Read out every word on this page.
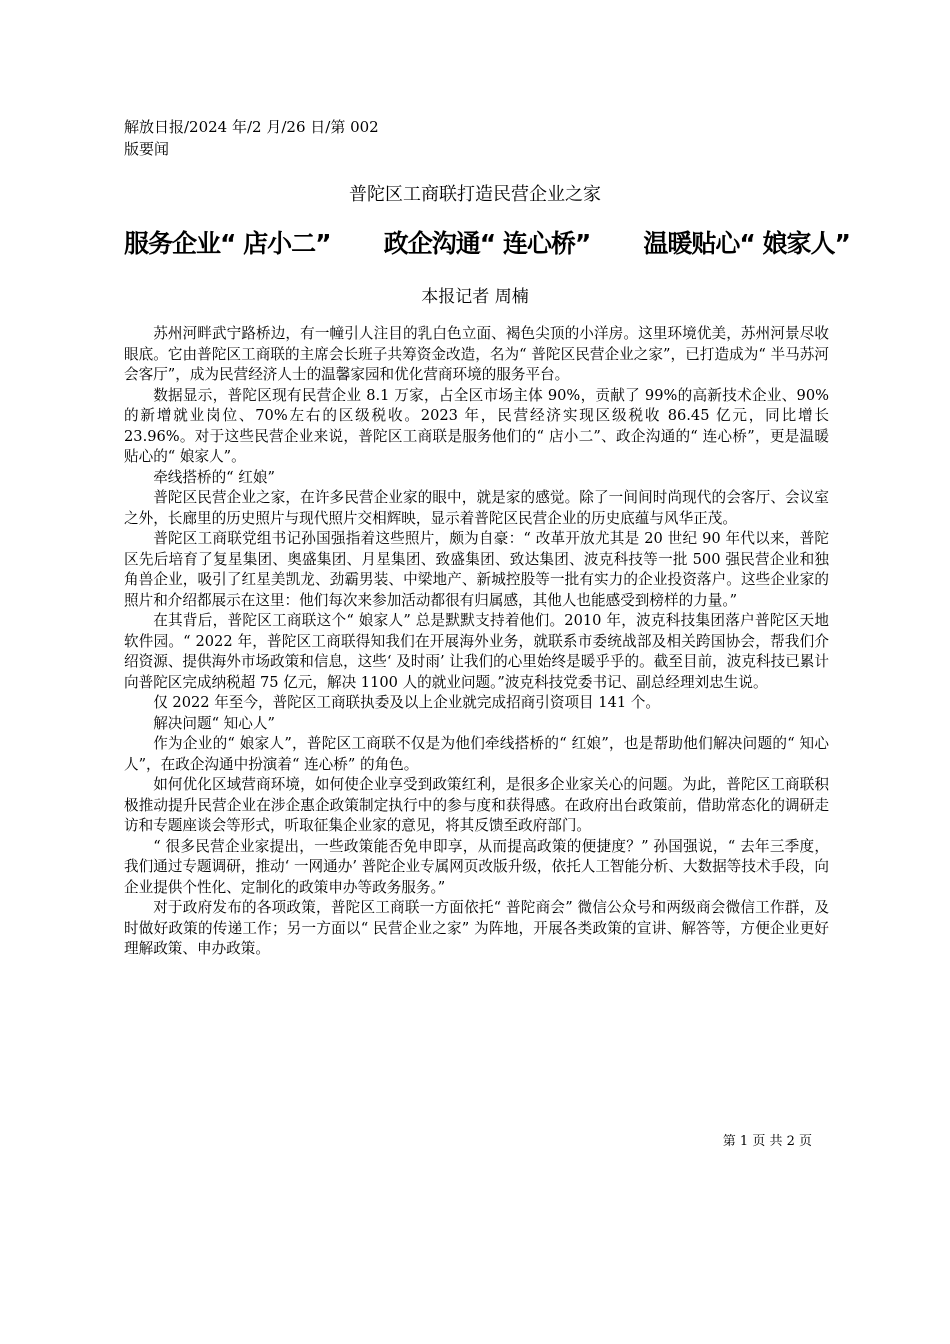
解放日报/2024 年/2 月/26 日/第 002
版要闻
普陀区工商联打造民营企业之家
服务企业“ 店小二” 政企沟通“ 连心桥” 温暖贴心“ 娘家人”
本报记者 周楠

苏州河畔武宁路桥边，有一幢引人注目的乳白色立面、褐色尖顶的小洋房。这里环境优美，苏州河景尽收眼底。它由普陀区工商联的主席会长班子共筹资金改造，名为“ 普陀区民营企业之家”，已打造成为“ 半马苏河会客厅”，成为民营经济人士的温馨家园和优化营商环境的服务平台。

数据显示，普陀区现有民营企业 8.1 万家，占全区市场主体 90%，贡献了 99%的高新技术企业、90%的新增就业岗位、70%左右的区级税收。2023 年，民营经济实现区级税收 86.45 亿元，同比增长 23.96%。对于这些民营企业来说，普陀区工商联是服务他们的“ 店小二”、政企沟通的“ 连心桥”，更是温暖贴心的“ 娘家人”。

牵线搭桥的“ 红娘”

普陀区民营企业之家，在许多民营企业家的眼中，就是家的感觉。除了一间间时尚现代的会客厅、会议室之外，长廊里的历史照片与现代照片交相辉映，显示着普陀区民营企业的历史底蕴与风华正茂。

普陀区工商联党组书记孙国强指着这些照片，颇为自豪：“ 改革开放尤其是 20 世纪 90 年代以来，普陀区先后培育了复星集团、奥盛集团、月星集团、致盛集团、致达集团、波克科技等一批 500 强民营企业和独角兽企业，吸引了红星美凯龙、劲霸男装、中梁地产、新城控股等一批有实力的企业投资落户。这些企业家的照片和介绍都展示在这里：他们每次来参加活动都很有归属感，其他人也能感受到榜样的力量。”

在其背后，普陀区工商联这个“ 娘家人” 总是默默支持着他们。2010 年，波克科技集团落户普陀区天地软件园。“ 2022 年，普陀区工商联得知我们在开展海外业务，就联系市委统战部及相关跨国协会，帮我们介绍资源、提供海外市场政策和信息，这些‘ 及时雨’ 让我们的心里始终是暖乎乎的。截至目前，波克科技已累计向普陀区完成纳税超 75 亿元，解决 1100 人的就业问题。”波克科技党委书记、副总经理刘忠生说。

仅 2022 年至今，普陀区工商联执委及以上企业就完成招商引资项目 141 个。

解决问题“ 知心人”

作为企业的“ 娘家人”，普陀区工商联不仅是为他们牵线搭桥的“ 红娘”，也是帮助他们解决问题的“ 知心人”，在政企沟通中扮演着“ 连心桥” 的角色。

如何优化区域营商环境，如何使企业享受到政策红利，是很多企业家关心的问题。为此，普陀区工商联积极推动提升民营企业在涉企惠企政策制定执行中的参与度和获得感。在政府出台政策前，借助常态化的调研走访和专题座谈会等形式，听取征集企业家的意见，将其反馈至政府部门。

“ 很多民营企业家提出，一些政策能否免申即享，从而提高政策的便捷度？” 孙国强说，“ 去年三季度，我们通过专题调研，推动‘ 一网通办’ 普陀企业专属网页改版升级，依托人工智能分析、大数据等技术手段，向企业提供个性化、定制化的政策申办等政务服务。”

对于政府发布的各项政策，普陀区工商联一方面依托“ 普陀商会” 微信公众号和两级商会微信工作群，及时做好政策的传递工作；另一方面以“ 民营企业之家” 为阵地，开展各类政策的宣讲、解答等，方便企业更好理解政策、申办政策。

第 1 页 共 2 页
